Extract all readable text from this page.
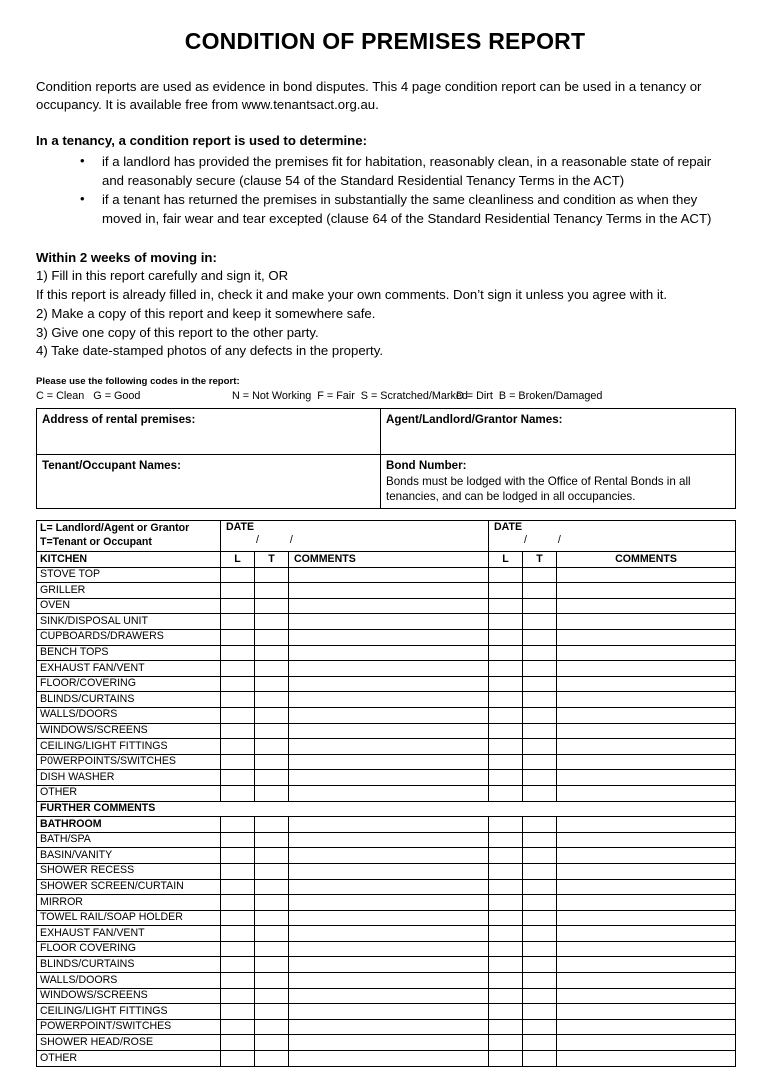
CONDITION OF PREMISES REPORT

Condition reports are used as evidence in bond disputes. This 4 page condition report can be used in a tenancy or occupancy. It is available free from www.tenantsact.org.au.

In a tenancy, a condition report is used to determine:

• if a landlord has provided the premises fit for habitation, reasonably clean, in a reasonable state of repair and reasonably secure (clause 54 of the Standard Residential Tenancy Terms in the ACT)
• if a tenant has returned the premises in substantially the same cleanliness and condition as when they moved in, fair wear and tear excepted (clause 64 of the Standard Residential Tenancy Terms in the ACT)

Within 2 weeks of moving in:

1) Fill in this report carefully and sign it, OR

If this report is already filled in, check it and make your own comments. Don’t sign it unless you agree with it.

2) Make a copy of this report and keep it somewhere safe.

3) Give one copy of this report to the other party.

4) Take date-stamped photos of any defects in the property.

Please use the following codes in the report:

C = Clean   G = Good	N = Not Working  F = Fair  S = Scratched/Marked
D = Dirt  B = Broken/Damaged
Address of rental premises:	Agent/Landlord/Grantor Names:
Tenant/Occupant Names:	Bond Number:
Bonds must be lodged with the Office of Rental Bonds in all tenancies, and can be lodged in all occupancies.
L= Landlord/Agent or Grantor
T=Tenant or Occupant	DATE
/ /			DATE
/ /		

KITCHEN	L	T	COMMENTS	L	T	COMMENTS
STOVE TOP						
GRILLER						
OVEN						
SINK/DISPOSAL UNIT						
CUPBOARDS/DRAWERS						
BENCH TOPS						
EXHAUST FAN/VENT						
FLOOR/COVERING						
BLINDS/CURTAINS						
WALLS/DOORS						
WINDOWS/SCREENS						
CEILING/LIGHT FITTINGS						
P0WERPOINTS/SWITCHES						
DISH WASHER						
OTHER						
FURTHER COMMENTS						
BATHROOM						
BATH/SPA						
BASIN/VANITY						
SHOWER RECESS						
SHOWER SCREEN/CURTAIN						
MIRROR						
TOWEL RAIL/SOAP HOLDER						
EXHAUST FAN/VENT						
FLOOR COVERING						
BLINDS/CURTAINS						
WALLS/DOORS						
WINDOWS/SCREENS						
CEILING/LIGHT FITTINGS						
POWERPOINT/SWITCHES						
SHOWER HEAD/ROSE						
OTHER						
